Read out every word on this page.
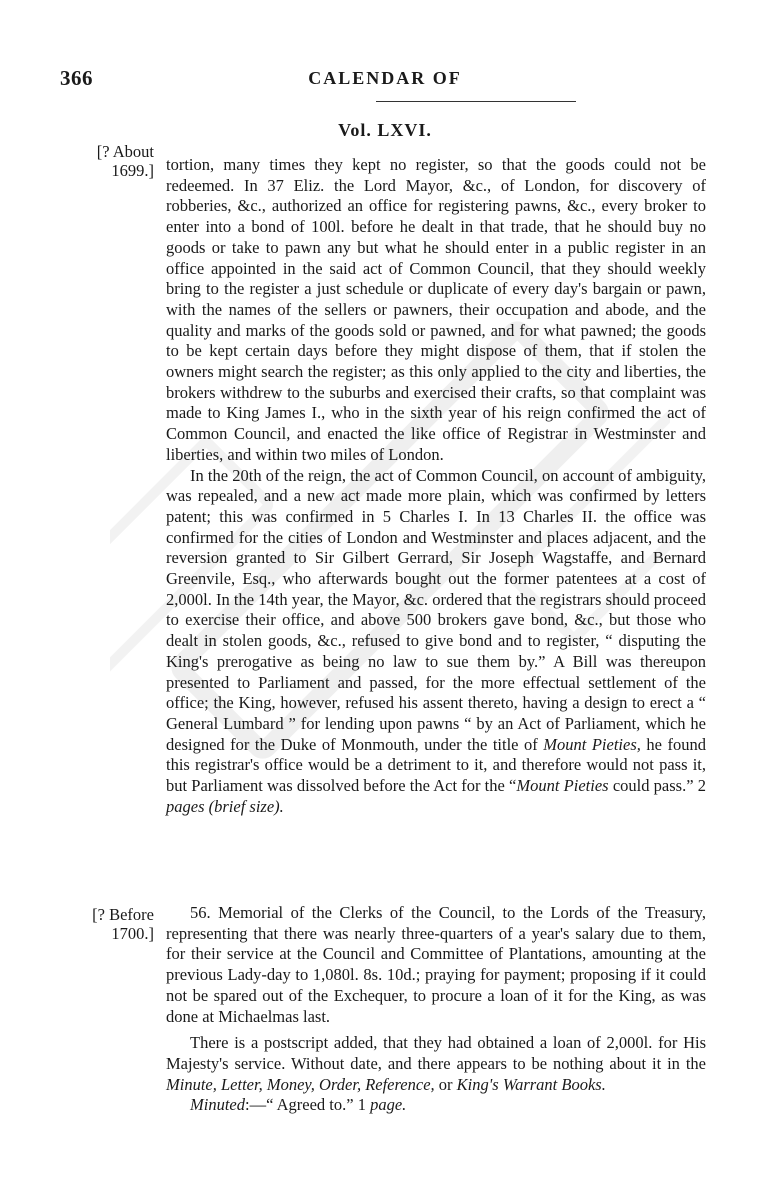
366	CALENDAR OF
Vol. LXVI.
[? About
1699.] tortion, many times they kept no register, so that the goods could not be redeemed. In 37 Eliz. the Lord Mayor, &c., of London, for discovery of robberies, &c., authorized an office for registering pawns, &c., every broker to enter into a bond of 100l. before he dealt in that trade, that he should buy no goods or take to pawn any but what he should enter in a public register in an office appointed in the said act of Common Council, that they should weekly bring to the register a just schedule or duplicate of every day's bargain or pawn, with the names of the sellers or pawners, their occupation and abode, and the quality and marks of the goods sold or pawned, and for what pawned; the goods to be kept certain days before they might dispose of them, that if stolen the owners might search the register; as this only applied to the city and liberties, the brokers withdrew to the suburbs and exercised their crafts, so that complaint was made to King James I., who in the sixth year of his reign confirmed the act of Common Council, and enacted the like office of Registrar in Westminster and liberties, and within two miles of London.

In the 20th of the reign, the act of Common Council, on account of ambiguity, was repealed, and a new act made more plain, which was confirmed by letters patent; this was confirmed in 5 Charles I. In 13 Charles II. the office was confirmed for the cities of London and Westminster and places adjacent, and the reversion granted to Sir Gilbert Gerrard, Sir Joseph Wagstaffe, and Bernard Greenvile, Esq., who afterwards bought out the former patentees at a cost of 2,000l. In the 14th year, the Mayor, &c. ordered that the registrars should proceed to exercise their office, and above 500 brokers gave bond, &c., but those who dealt in stolen goods, &c., refused to give bond and to register, “ disputing the King's prerogative as being no law to sue them by.” A Bill was thereupon presented to Parliament and passed, for the more effectual settlement of the office; the King, however, refused his assent thereto, having a design to erect a “ General Lumbard ” for lending upon pawns “ by an Act of Parliament, which he designed for the Duke of Monmouth, under the title of Mount Pieties, he found this registrar's office would be a detriment to it, and therefore would not pass it, but Parliament was dissolved before the Act for the “Mount Pieties could pass.” 2 pages (brief size).

[? Before
1700.]

56. Memorial of the Clerks of the Council, to the Lords of the Treasury, representing that there was nearly three-quarters of a year's salary due to them, for their service at the Council and Committee of Plantations, amounting at the previous Lady-day to 1,080l. 8s. 10d.; praying for payment; proposing if it could not be spared out of the Exchequer, to procure a loan of it for the King, as was done at Michaelmas last.

There is a postscript added, that they had obtained a loan of 2,000l. for His Majesty's service. Without date, and there appears to be nothing about it in the Minute, Letter, Money, Order, Reference, or King's Warrant Books.

Minuted:—“ Agreed to.” 1 page.
